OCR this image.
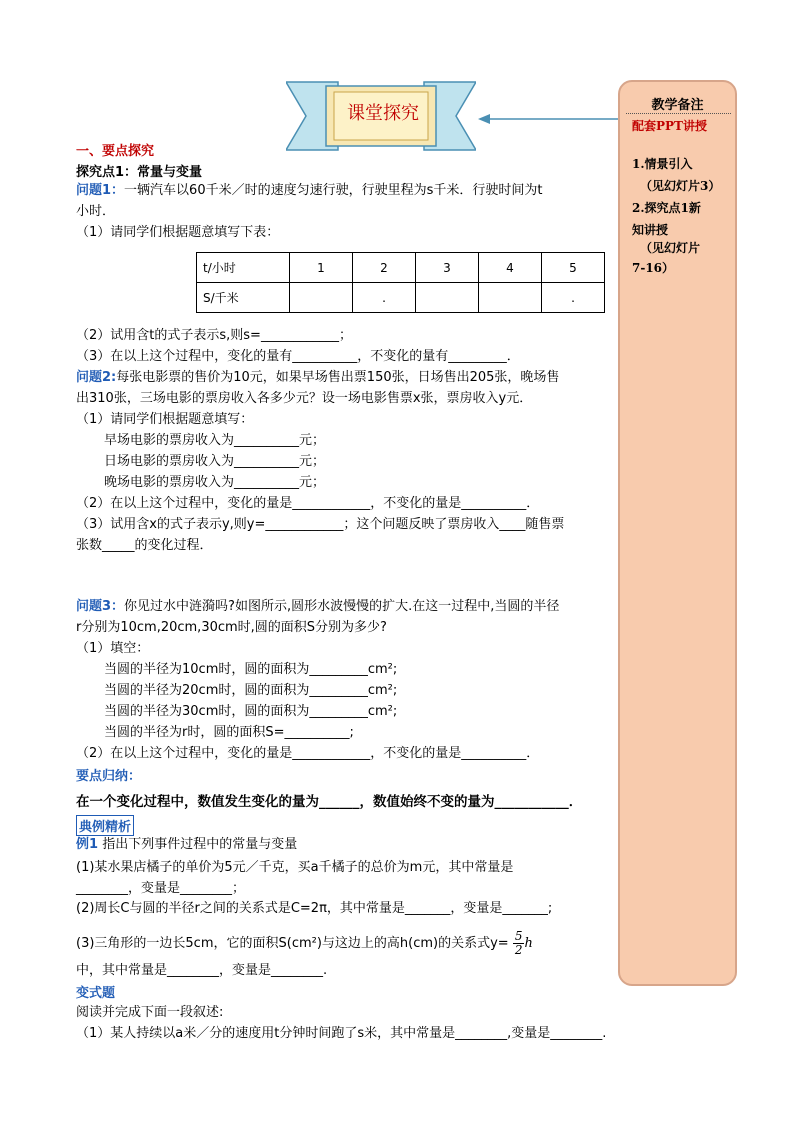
课堂探究	教学备注
配套PPT讲授
1.情景引入
（见幻灯片3）
2.探究点1新
知讲授
（见幻灯片
7-16）
一、要点探究
探究点1：常量与变量
问题1：一辆汽车以60千米／时的速度匀速行驶，行驶里程为s千米．行驶时间为t
小时．
（1）请同学们根据题意填写下表：
t/小时	1	2	3	4	5
S/千米		.			.
（2）试用含t的式子表示s,则s=____________；
（3）在以上这个过程中，变化的量有__________，不变化的量有_________．
问题2:每张电影票的售价为10元，如果早场售出票150张，日场售出205张，晚场售
出310张，三场电影的票房收入各多少元？设一场电影售票x张，票房收入y元．
（1）请同学们根据题意填写：
早场电影的票房收入为__________元；
日场电影的票房收入为__________元；
晚场电影的票房收入为__________元；
（2）在以上这个过程中，变化的量是____________，不变化的量是__________．
（3）试用含x的式子表示y,则y=____________；这个问题反映了票房收入____随售票
张数_____的变化过程．
问题3：你见过水中涟漪吗?如图所示,圆形水波慢慢的扩大.在这一过程中,当圆的半径
r分别为10cm,20cm,30cm时,圆的面积S分别为多少?
（1）填空：
当圆的半径为10cm时，圆的面积为_________cm²;
当圆的半径为20cm时，圆的面积为_________cm²;
当圆的半径为30cm时，圆的面积为_________cm²;
当圆的半径为r时，圆的面积S=__________;
（2）在以上这个过程中，变化的量是____________，不变化的量是__________．
要点归纳：
在一个变化过程中，数值发生变化的量为______，数值始终不变的量为___________．
典例精析
例1 指出下列事件过程中的常量与变量
(1)某水果店橘子的单价为5元／千克，买a千橘子的总价为m元，其中常量是
________，变量是________；
(2)周长C与圆的半径r之间的关系式是C=2π，其中常量是_______，变量是_______;
(3)三角形的一边长5cm，它的面积S(cm²)与这边上的高h(cm)的关系式$y= \frac{5}{2}$ h
中，其中常量是________，变量是________.
变式题
阅读并完成下面一段叙述:
（1）某人持续以a米／分的速度用t分钟时间跑了s米，其中常量是________,变量是________.
